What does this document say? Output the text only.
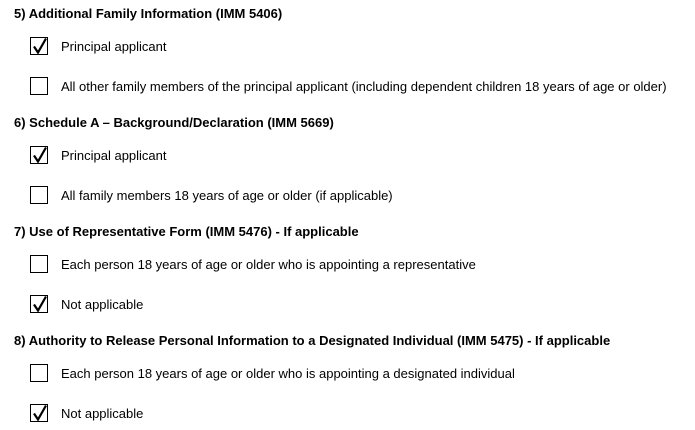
5) Additional Family Information (IMM 5406)
Principal applicant
All other family members of the principal applicant (including dependent children 18 years of age or older)
6) Schedule A – Background/Declaration (IMM 5669)
Principal applicant
All family members 18 years of age or older (if applicable)
7) Use of Representative Form (IMM 5476) - If applicable
Each person 18 years of age or older who is appointing a representative
Not applicable
8) Authority to Release Personal Information to a Designated Individual (IMM 5475) - If applicable
Each person 18 years of age or older who is appointing a designated individual
Not applicable
